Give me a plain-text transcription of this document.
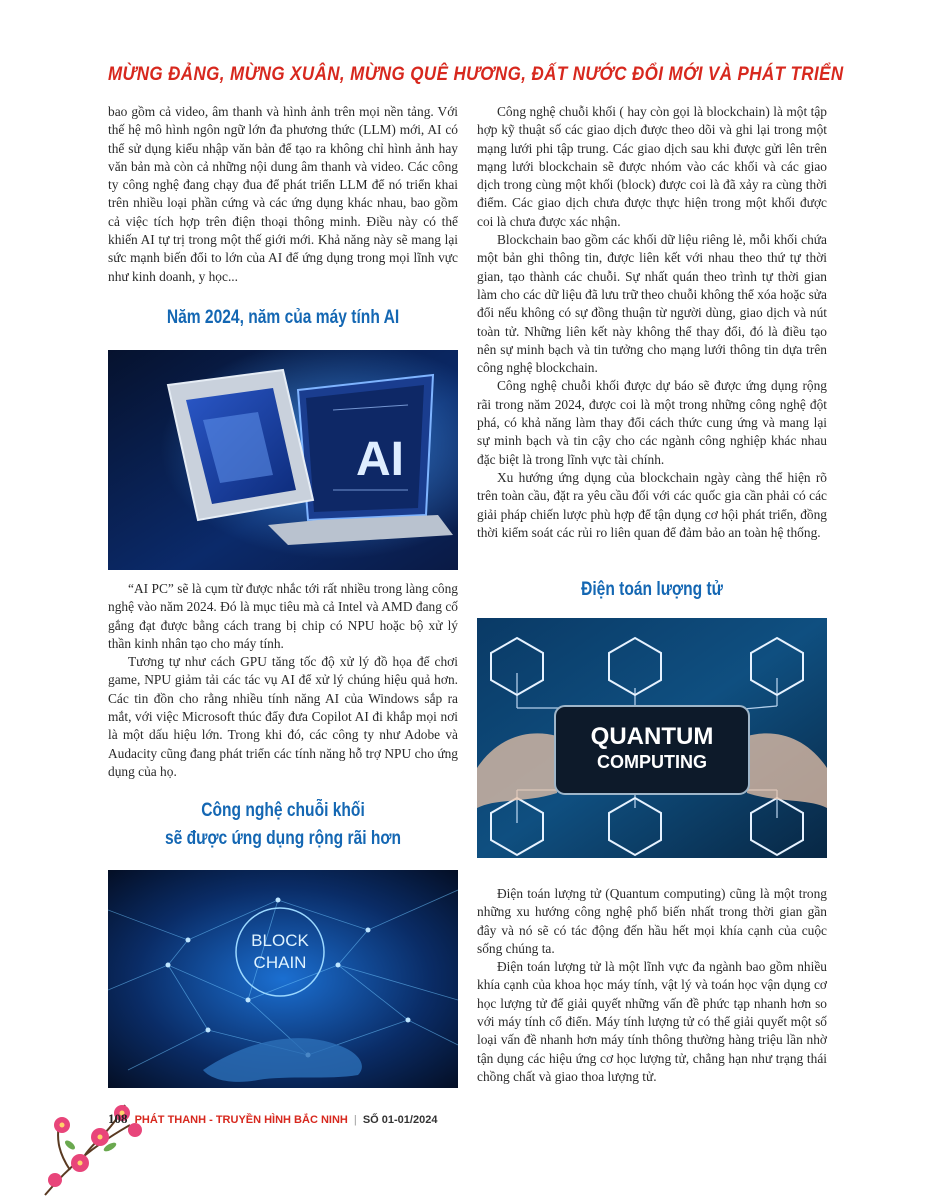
MỪNG ĐẢNG, MỪNG XUÂN, MỪNG QUÊ HƯƠNG, ĐẤT NƯỚC ĐỔI MỚI VÀ PHÁT TRIỂN

bao gồm cả video, âm thanh và hình ảnh trên mọi nền tảng. Với thế hệ mô hình ngôn ngữ lớn đa phương thức (LLM) mới, AI có thể sử dụng kiểu nhập văn bản để tạo ra không chỉ hình ảnh hay văn bản mà còn cả những nội dung âm thanh và video. Các công ty công nghệ đang chạy đua để phát triển LLM để nó triển khai trên nhiều loại phần cứng và các ứng dụng khác nhau, bao gồm cả việc tích hợp trên điện thoại thông minh. Điều này có thể khiến AI tự trị trong một thế giới mới. Khả năng này sẽ mang lại sức mạnh biến đổi to lớn của AI để ứng dụng trong mọi lĩnh vực như kinh doanh, y học...

Năm 2024, năm của máy tính AI
AI

“AI PC” sẽ là cụm từ được nhắc tới rất nhiều trong làng công nghệ vào năm 2024. Đó là mục tiêu mà cả Intel và AMD đang cố gắng đạt được bằng cách trang bị chip có NPU hoặc bộ xử lý thần kinh nhân tạo cho máy tính.

Tương tự như cách GPU tăng tốc độ xử lý đồ họa để chơi game, NPU giảm tải các tác vụ AI để xử lý chúng hiệu quả hơn. Các tin đồn cho rằng nhiều tính năng AI của Windows sắp ra mắt, với việc Microsoft thúc đẩy đưa Copilot AI đi khắp mọi nơi là một dấu hiệu lớn. Trong khi đó, các công ty như Adobe và Audacity cũng đang phát triển các tính năng hỗ trợ NPU cho ứng dụng của họ.

Công nghệ chuỗi khối
sẽ được ứng dụng rộng rãi hơn
BLOCK
CHAIN

Công nghệ chuỗi khối ( hay còn gọi là blockchain) là một tập hợp kỹ thuật số các giao dịch được theo dõi và ghi lại trong một mạng lưới phi tập trung. Các giao dịch sau khi được gửi lên trên mạng lưới blockchain sẽ được nhóm vào các khối và các giao dịch trong cùng một khối (block) được coi là đã xảy ra cùng thời điểm. Các giao dịch chưa được thực hiện trong một khối được coi là chưa được xác nhận.

Blockchain bao gồm các khối dữ liệu riêng lẻ, mỗi khối chứa một bản ghi thông tin, được liên kết với nhau theo thứ tự thời gian, tạo thành các chuỗi. Sự nhất quán theo trình tự thời gian làm cho các dữ liệu đã lưu trữ theo chuỗi không thể xóa hoặc sửa đổi nếu không có sự đồng thuận từ người dùng, giao dịch và nút toàn tử. Những liên kết này không thể thay đổi, đó là điều tạo nên sự minh bạch và tin tưởng cho mạng lưới thông tin dựa trên công nghệ blockchain.

Công nghệ chuỗi khối được dự báo sẽ được ứng dụng rộng rãi trong năm 2024, được coi là một trong những công nghệ đột phá, có khả năng làm thay đổi cách thức cung ứng và mang lại sự minh bạch và tin cậy cho các ngành công nghiệp khác nhau đặc biệt là trong lĩnh vực tài chính.

Xu hướng ứng dụng của blockchain ngày càng thể hiện rõ trên toàn cầu, đặt ra yêu cầu đối với các quốc gia cần phải có các giải pháp chiến lược phù hợp để tận dụng cơ hội phát triển, đồng thời kiểm soát các rủi ro liên quan để đảm bảo an toàn hệ thống.

Điện toán lượng tử
QUANTUM
COMPUTING

Điện toán lượng tử (Quantum computing) cũng là một trong những xu hướng công nghệ phổ biến nhất trong thời gian gần đây và nó sẽ có tác động đến hầu hết mọi khía cạnh của cuộc sống chúng ta.

Điện toán lượng tử là một lĩnh vực đa ngành bao gồm nhiều khía cạnh của khoa học máy tính, vật lý và toán học vận dụng cơ học lượng tử để giải quyết những vấn đề phức tạp nhanh hơn so với máy tính cổ điển. Máy tính lượng tử có thể giải quyết một số loại vấn đề nhanh hơn máy tính thông thường hàng triệu lần nhờ tận dụng các hiệu ứng cơ học lượng tử, chẳng hạn như trạng thái chồng chất và giao thoa lượng tử.

108 PHÁT THANH - TRUYỀN HÌNH BẮC NINH | SỐ 01-01/2024
